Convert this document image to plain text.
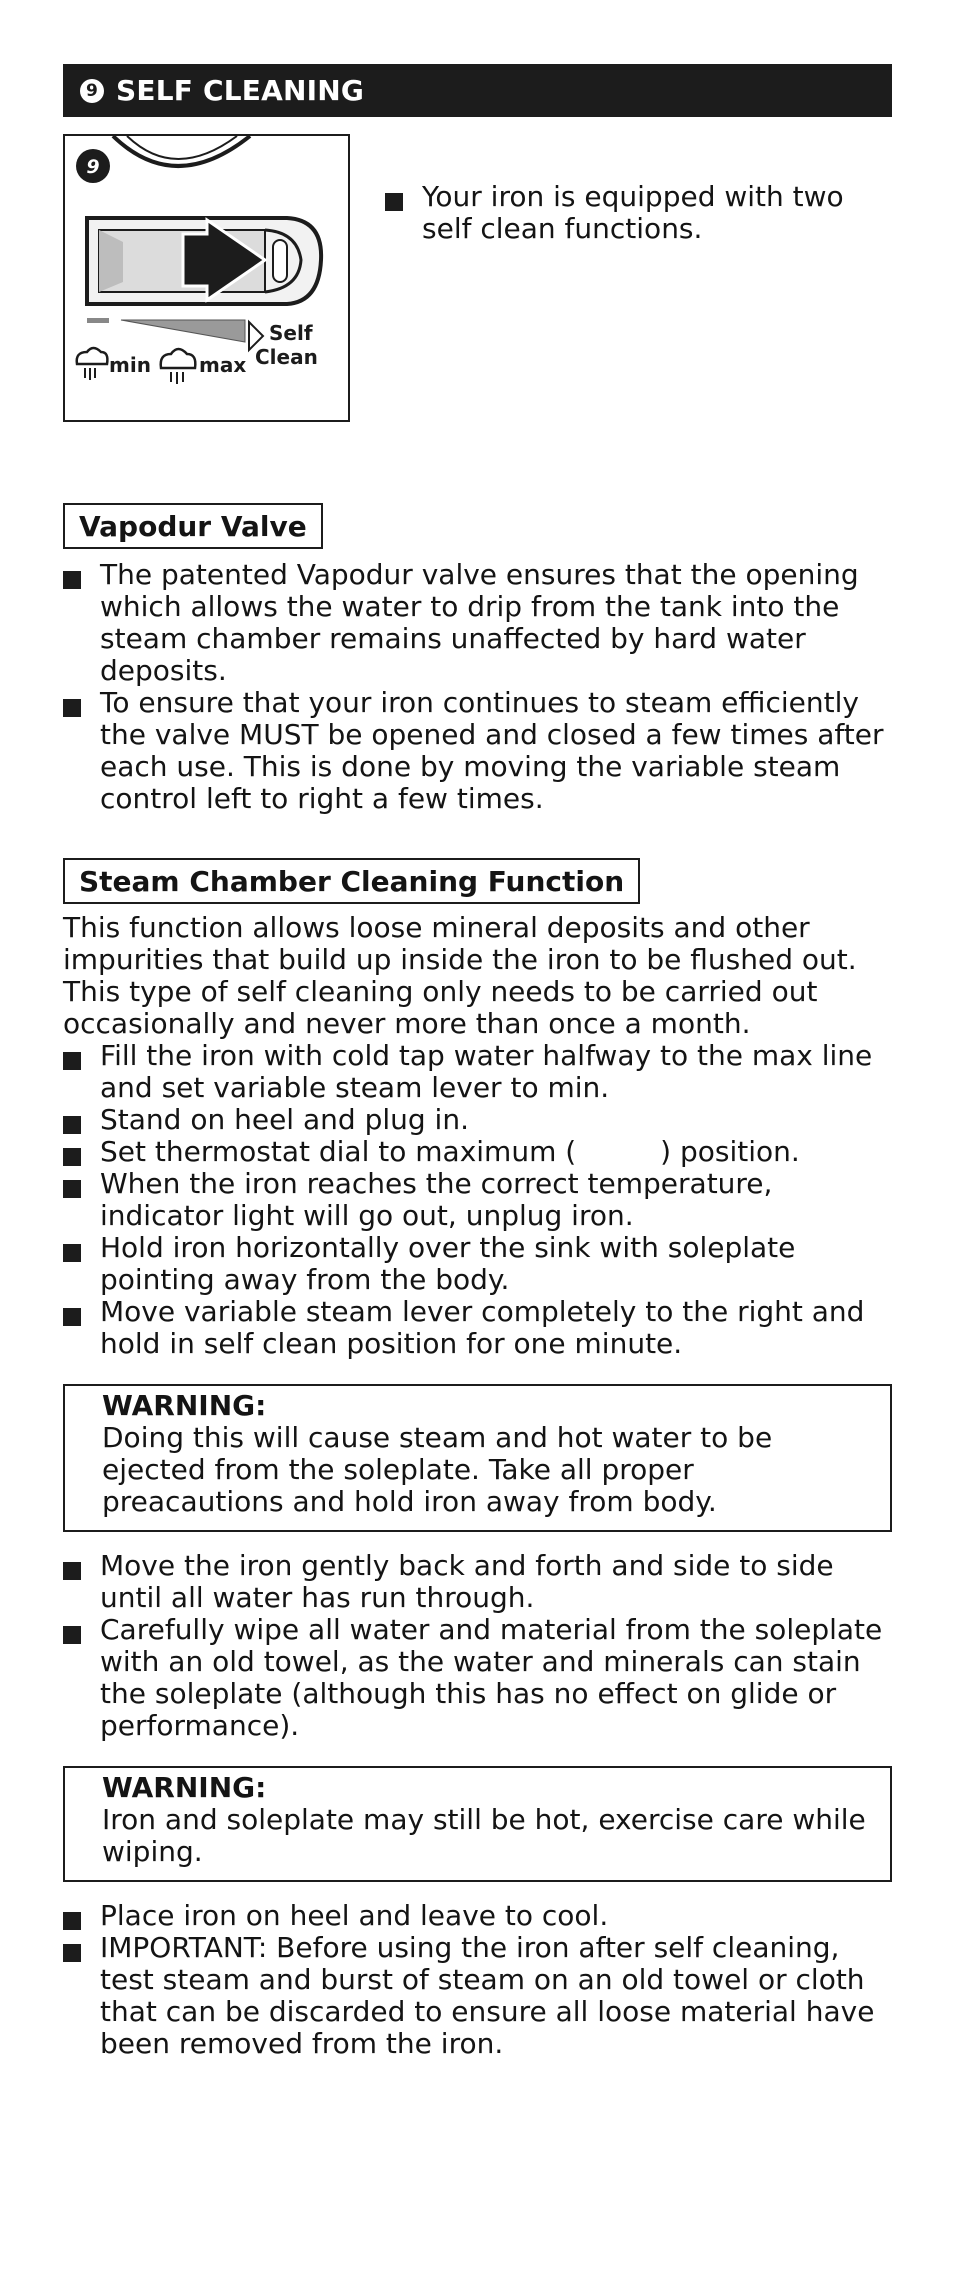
9 SELF CLEANING
9
Self
Clean
min max
Your iron is equipped with two self clean functions.
Vapodur Valve
The patented Vapodur valve ensures that the opening which allows the water to drip from the tank into the steam chamber remains unaffected by hard water deposits.
To ensure that your iron continues to steam efficiently the valve MUST be opened and closed a few times after each use. This is done by moving the variable steam control left to right a few times.
Steam Chamber Cleaning Function

This function allows loose mineral deposits and other impurities that build up inside the iron to be flushed out. This type of self cleaning only needs to be carried out occasionally and never more than once a month.

Fill the iron with cold tap water halfway to the max line and set variable steam lever to min.
Stand on heel and plug in.
Set thermostat dial to maximum (	) position.
When the iron reaches the correct temperature, indicator light will go out, unplug iron.
Hold iron horizontally over the sink with soleplate pointing away from the body.
Move variable steam lever completely to the right and hold in self clean position for one minute.
WARNING:

Doing this will cause steam and hot water to be ejected from the soleplate. Take all proper preacautions and hold iron away from body.

Move the iron gently back and forth and side to side until all water has run through.
Carefully wipe all water and material from the soleplate with an old towel, as the water and minerals can stain the soleplate (although this has no effect on glide or performance).
WARNING:

Iron and soleplate may still be hot, exercise care while wiping.

Place iron on heel and leave to cool.
IMPORTANT: Before using the iron after self cleaning, test steam and burst of steam on an old towel or cloth that can be discarded to ensure all loose material have been removed from the iron.
